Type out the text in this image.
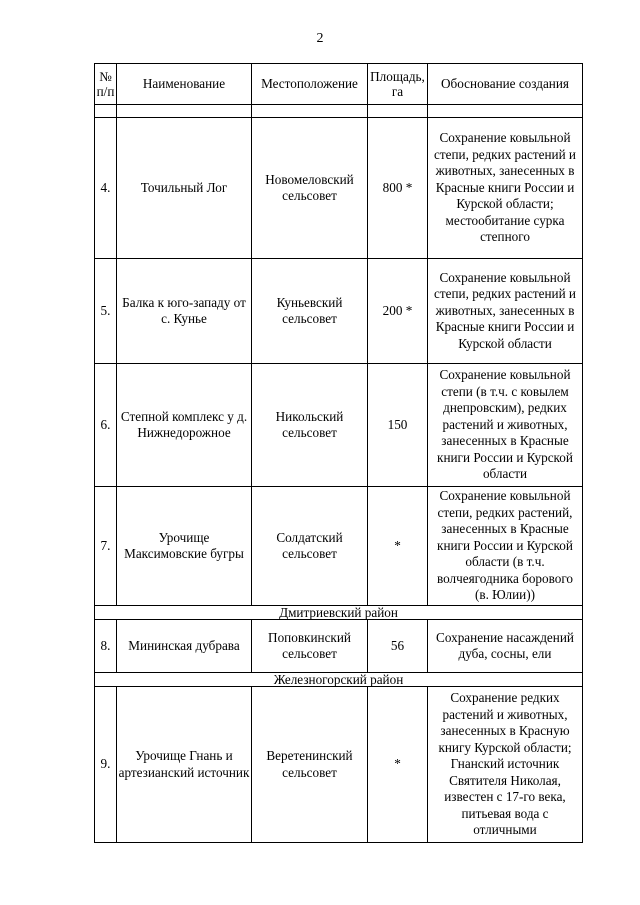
2
№ п/п	Наименование	Местоположение	Площадь, га	Обоснование создания

4.	Точильный Лог	Новомеловский сельсовет	800 *	Сохранение ковыльной степи, редких растений и животных, занесенных в Красные книги России и Курской области; местообитание сурка степного
5.	Балка к юго-западу от с. Кунье	Куньевский сельсовет	200 *	Сохранение ковыльной степи, редких растений и животных, занесенных в Красные книги России и Курской области
6.	Степной комплекс у д. Нижнедорожное	Никольский сельсовет	150	Сохранение ковыльной степи (в т.ч. с ковылем днепровским), редких растений и животных, занесенных в Красные книги России и Курской области
7.	Урочище Максимовские бугры	Солдатский сельсовет	*	Сохранение ковыльной степи, редких растений, занесенных в Красные книги России и Курской области (в т.ч. волчеягодника борового (в. Юлии))
Дмитриевский район				
8.	Мининская дубрава	Поповкинский сельсовет	56	Сохранение насаждений дуба, сосны, ели
Железногорский район				
9.	Урочище Гнань и артезианский источник	Веретенинский сельсовет	*	Сохранение редких растений и животных, занесенных в Красную книгу Курской области; Гнанский источник Святителя Николая, известен с 17-го века, питьевая вода с отличными
